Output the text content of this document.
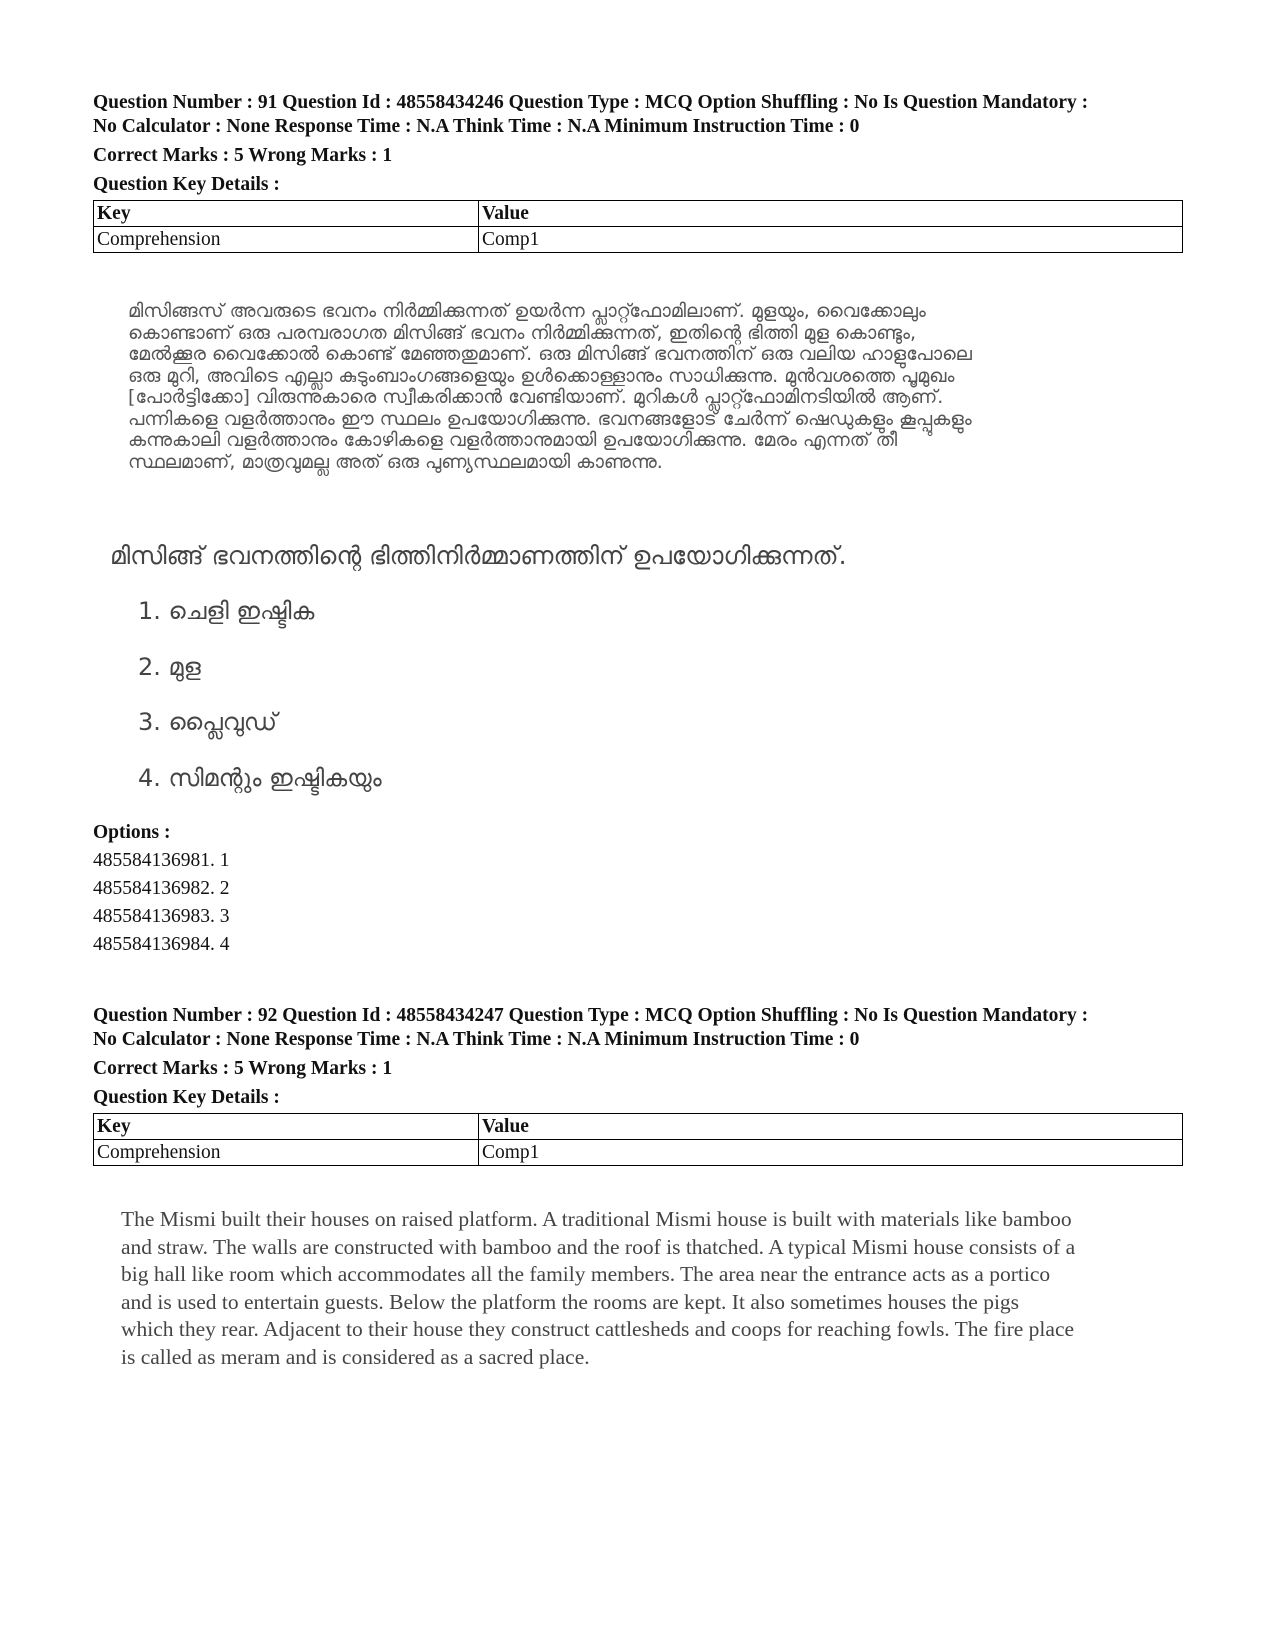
Question Number : 91 Question Id : 48558434246 Question Type : MCQ Option Shuffling : No Is Question Mandatory :
No Calculator : None Response Time : N.A Think Time : N.A Minimum Instruction Time : 0
Correct Marks : 5 Wrong Marks : 1
Question Key Details :
Key	Value
Comprehension	Comp1
മിസിങ്ങസ് അവരുടെ ഭവനം നിർമ്മിക്കുന്നത് ഉയർന്ന പ്ലാറ്റ്ഫോമിലാണ്. മുളയും, വൈക്കോലും
കൊണ്ടാണ് ഒരു പരമ്പരാഗത മിസിങ്ങ് ഭവനം നിർമ്മിക്കുന്നത്, ഇതിന്റെ ഭിത്തി മുള കൊണ്ടും,
മേൽക്കൂര വൈക്കോൽ കൊണ്ട് മേഞ്ഞതുമാണ്. ഒരു മിസിങ്ങ് ഭവനത്തിന് ഒരു വലിയ ഹാളുപോലെ
ഒരു മുറി, അവിടെ എല്ലാ കുടുംബാംഗങ്ങളെയും ഉൾക്കൊള്ളാനും സാധിക്കുന്നു. മുൻവശത്തെ പൂമുഖം
[പോർട്ടിക്കോ] വിരുന്നുകാരെ സ്വീകരിക്കാൻ വേണ്ടിയാണ്. മുറികൾ പ്ലാറ്റ്ഫോമിനടിയിൽ ആണ്.
പന്നികളെ വളർത്താനും ഈ സ്ഥലം ഉപയോഗിക്കുന്നു. ഭവനങ്ങളോട് ചേർന്ന് ഷെഡുകളും കൂപ്പുകളും
കന്നുകാലി വളർത്താനും കോഴികളെ വളർത്താനുമായി ഉപയോഗിക്കുന്നു. മേരം എന്നത് തീ
സ്ഥലമാണ്, മാത്രവുമല്ല അത് ഒരു പുണ്യസ്ഥലമായി കാണുന്നു.
മിസിങ്ങ് ഭവനത്തിന്റെ ഭിത്തിനിർമ്മാണത്തിന് ഉപയോഗിക്കുന്നത്.
1. ചെളി ഇഷ്ടിക
2. മുള
3. പ്ലൈവുഡ്
4. സിമന്റും ഇഷ്ടികയും
Options :
485584136981. 1
485584136982. 2
485584136983. 3
485584136984. 4
Question Number : 92 Question Id : 48558434247 Question Type : MCQ Option Shuffling : No Is Question Mandatory :
No Calculator : None Response Time : N.A Think Time : N.A Minimum Instruction Time : 0
Correct Marks : 5 Wrong Marks : 1
Question Key Details :
Key	Value
Comprehension	Comp1
The Mismi built their houses on raised platform. A traditional Mismi house is built with materials like bamboo
and straw. The walls are constructed with bamboo and the roof is thatched. A typical Mismi house consists of a
big hall like room which accommodates all the family members. The area near the entrance acts as a portico
and is used to entertain guests. Below the platform the rooms are kept. It also sometimes houses the pigs
which they rear. Adjacent to their house they construct cattlesheds and coops for reaching fowls. The fire place
is called as meram and is considered as a sacred place.
